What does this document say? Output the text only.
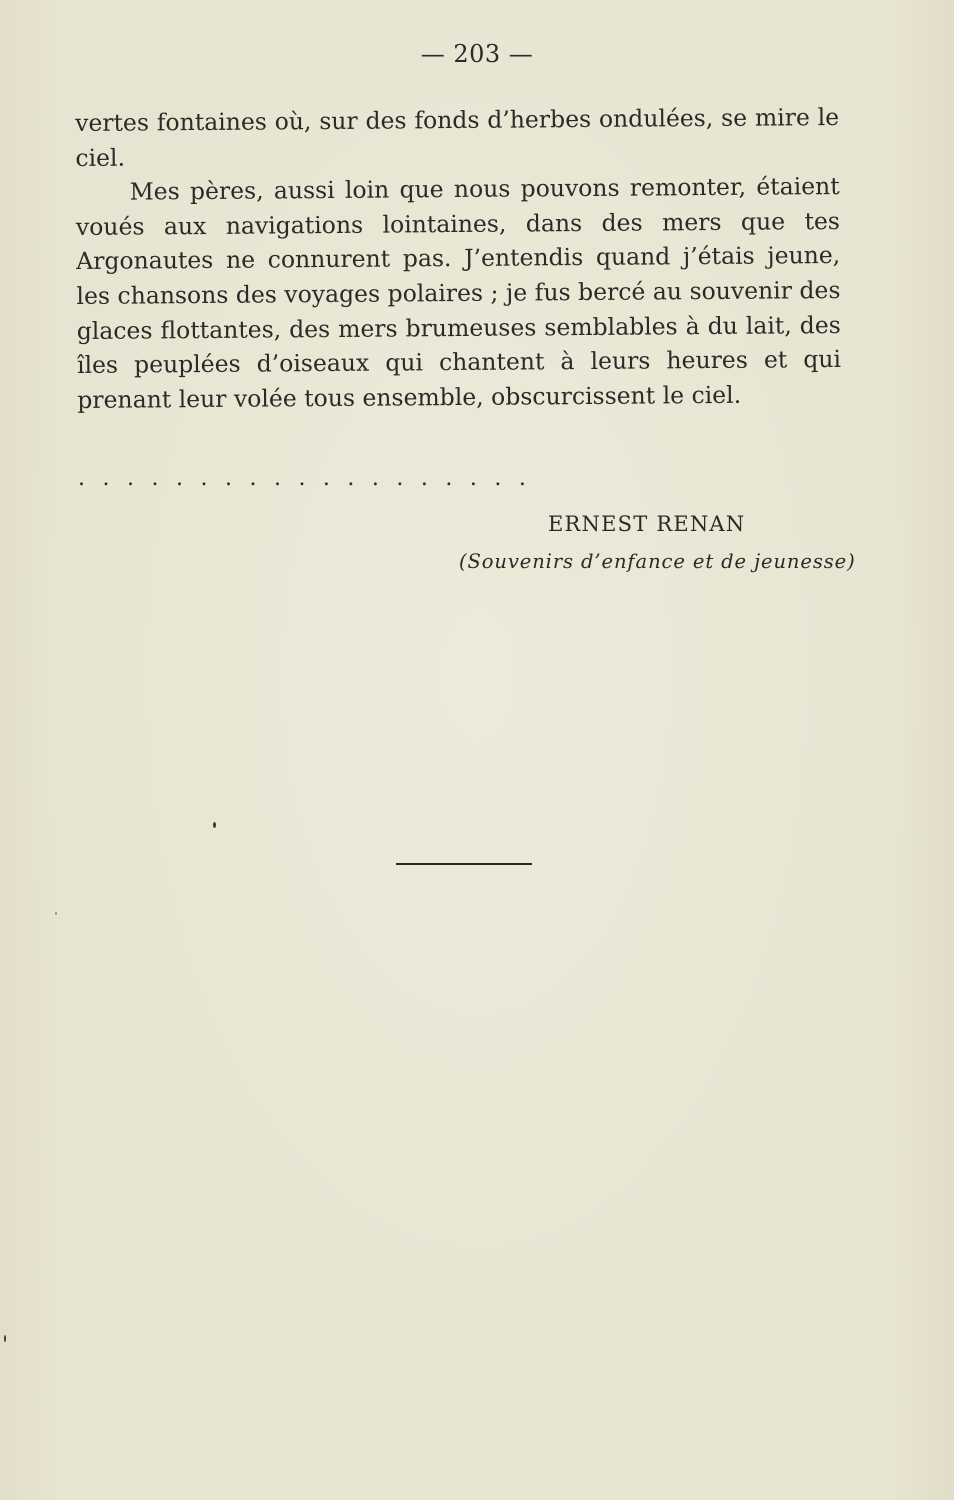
— 203 —

vertes fontaines où, sur des fonds d’herbes ondulées, se mire le ciel.

Mes pères, aussi loin que nous pouvons remonter, étaient voués aux navigations lointaines, dans des mers que tes Argonautes ne connurent pas. J’entendis quand j’étais jeune, les chansons des voyages polaires ; je fus bercé au souvenir des glaces flottantes, des mers brumeuses semblables à du lait, des îles peuplées d’oiseaux qui chantent à leurs heures et qui prenant leur volée tous ensemble, obscurcissent le ciel.

...................
ERNEST RENAN
(Souvenirs d’enfance et de jeunesse)
